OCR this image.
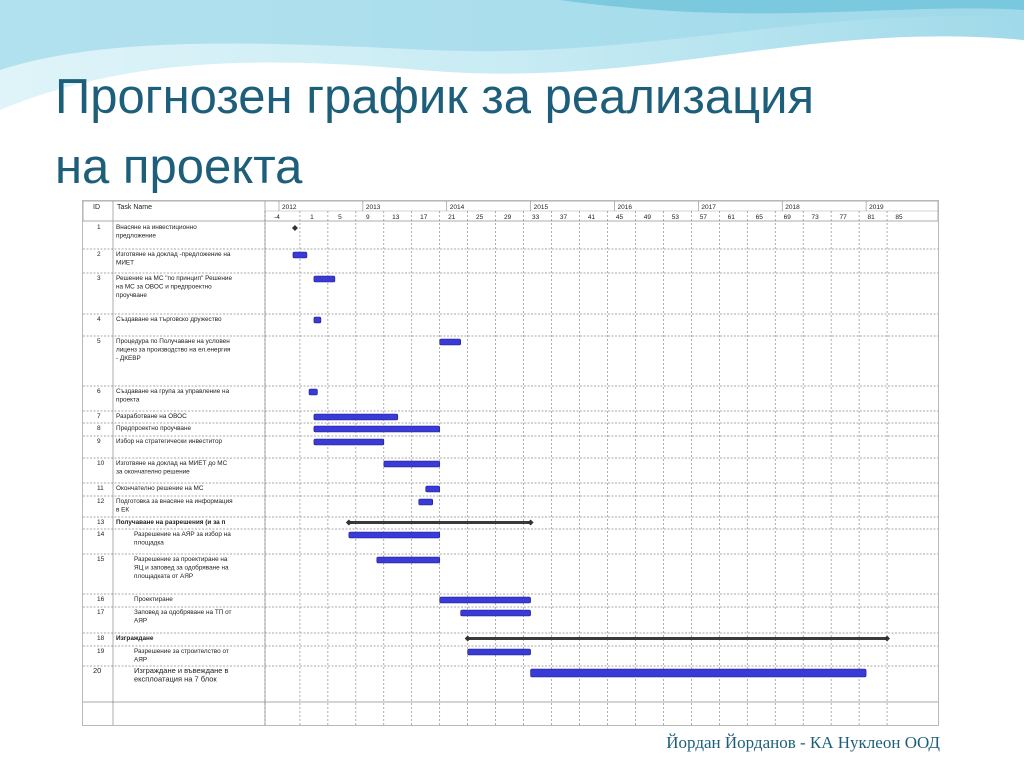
Прогнозен график за реализация
на проекта
ID Task Name	2012	2013	2014	2015	2016	2017	2018	2019
-4	1	5	9	13	17	21	25	29	33	37	41	45	49	53	57	61	65	69	73	77	81	85
1 Внасяне на инвестиционно
предложение
2 Изготвяне на доклад -предложение на
МИЕТ
3 Решение на МС "по принцип" Решение
на МС за ОВОС и предпроектно
проучване
4 Създаване на търговско дружество
5 Процедура по Получаване на условен
лиценз за производство на ел.енергия
- ДКЕВР
6 Създаване на група за управление на
проекта
7 Разработване на ОВОС
8 Предпроектно проучване
9 Избор на стратегически инвеститор
10 Изготвяне на доклад на МИЕТ до МС
за окончателно решение
11 Окончателно решение на МС
12 Подготовка за внасяне на информация
в ЕК
13 Получаване на разрешения (и за п
14	Разрешение на АЯР за избор на
площадка
15	Разрешение за проектиране на
ЯЦ и заповед за одобряване на
площадката от АЯР
16	Проектиране
17	Заповед за одобряване на ТП от
АЯР
18 Изграждане
19	Разрешение за строителство от
АЯР
20	Изграждане и въвеждане в
експлоатация на 7 блок
Йордан Йорданов - КА Нуклеон ООД
